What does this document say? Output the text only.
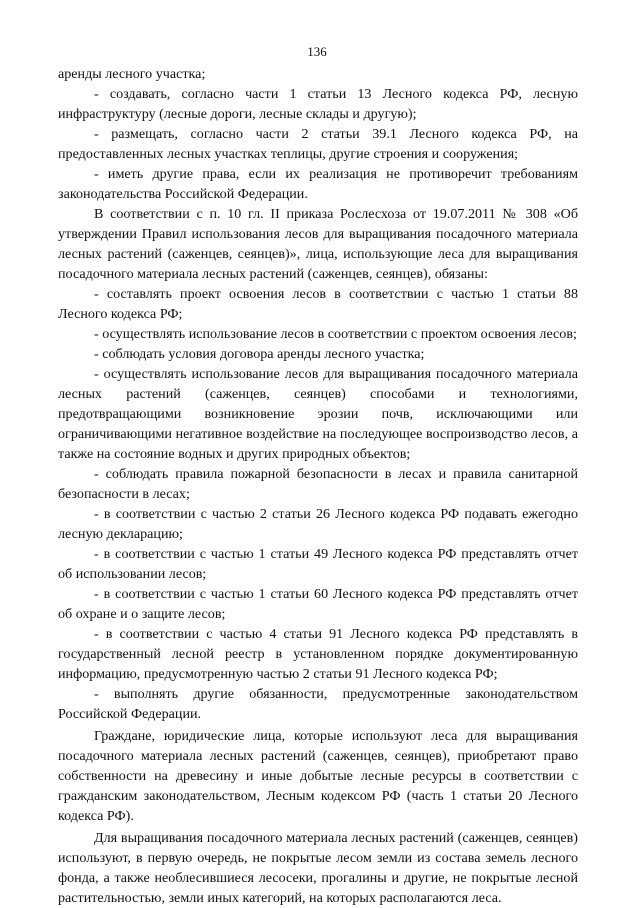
136

аренды лесного участка;

- создавать, согласно части 1 статьи 13 Лесного кодекса РФ, лесную инфраструктуру (лесные дороги, лесные склады и другую);

- размещать, согласно части 2 статьи 39.1 Лесного кодекса РФ, на предоставленных лесных участках теплицы, другие строения и сооружения;

- иметь другие права, если их реализация не противоречит требованиям законодательства Российской Федерации.

В соответствии с п. 10 гл. II приказа Рослесхоза от 19.07.2011 № 308 «Об утверждении Правил использования лесов для выращивания посадочного материала лесных растений (саженцев, сеянцев)», лица, использующие леса для выращивания посадочного материала лесных растений (саженцев, сеянцев), обязаны:

- составлять проект освоения лесов в соответствии с частью 1 статьи 88 Лесного кодекса РФ;

- осуществлять использование лесов в соответствии с проектом освоения лесов;

- соблюдать условия договора аренды лесного участка;

- осуществлять использование лесов для выращивания посадочного материала лесных растений (саженцев, сеянцев) способами и технологиями, предотвращающими возникновение эрозии почв, исключающими или ограничивающими негативное воздействие на последующее воспроизводство лесов, а также на состояние водных и других природных объектов;

- соблюдать правила пожарной безопасности в лесах и правила санитарной безопасности в лесах;

- в соответствии с частью 2 статьи 26 Лесного кодекса РФ подавать ежегодно лесную декларацию;

- в соответствии с частью 1 статьи 49 Лесного кодекса РФ представлять отчет об использовании лесов;

- в соответствии с частью 1 статьи 60 Лесного кодекса РФ представлять отчет об охране и о защите лесов;

- в соответствии с частью 4 статьи 91 Лесного кодекса РФ представлять в государственный лесной реестр в установленном порядке документированную информацию, предусмотренную частью 2 статьи 91 Лесного кодекса РФ;

- выполнять другие обязанности, предусмотренные законодательством Российской Федерации.

Граждане, юридические лица, которые используют леса для выращивания посадочного материала лесных растений (саженцев, сеянцев), приобретают право собственности на древесину и иные добытые лесные ресурсы в соответствии с гражданским законодательством, Лесным кодексом РФ (часть 1 статьи 20 Лесного кодекса РФ).

Для выращивания посадочного материала лесных растений (саженцев, сеянцев) используют, в первую очередь, не покрытые лесом земли из состава земель лесного фонда, а также необлесившиеся лесосеки, прогалины и другие, не покрытые лесной растительностью, земли иных категорий, на которых располагаются леса.
